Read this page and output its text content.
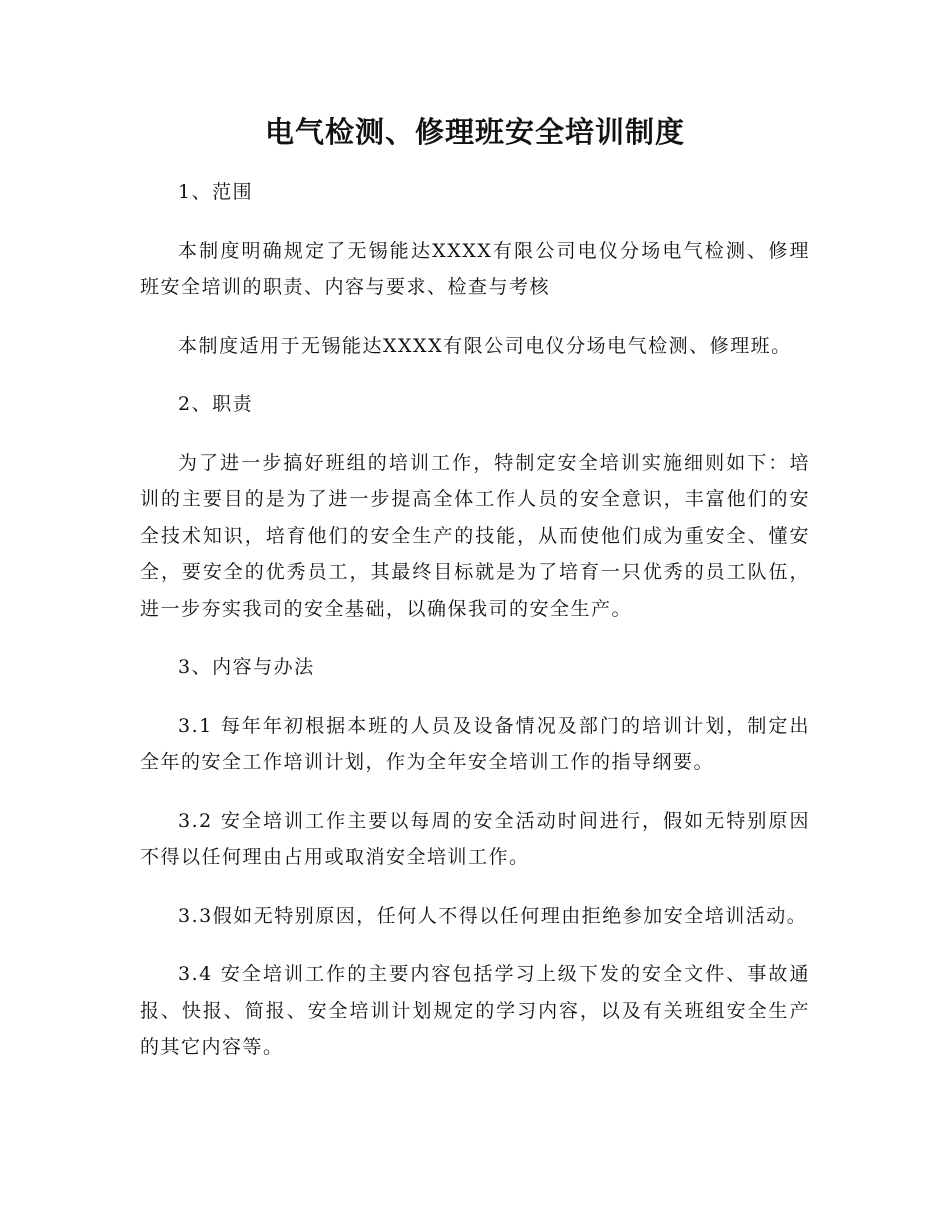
电气检测、修理班安全培训制度

1、范围

本制度明确规定了无锡能达XXXX有限公司电仪分场电气检测、修理班安全培训的职责、内容与要求、检查与考核

本制度适用于无锡能达XXXX有限公司电仪分场电气检测、修理班。

2、职责

为了进一步搞好班组的培训工作，特制定安全培训实施细则如下：培训的主要目的是为了进一步提高全体工作人员的安全意识，丰富他们的安全技术知识，培育他们的安全生产的技能，从而使他们成为重安全、懂安全，要安全的优秀员工，其最终目标就是为了培育一只优秀的员工队伍，进一步夯实我司的安全基础，以确保我司的安全生产。

3、内容与办法

3.1 每年年初根据本班的人员及设备情况及部门的培训计划，制定出全年的安全工作培训计划，作为全年安全培训工作的指导纲要。

3.2 安全培训工作主要以每周的安全活动时间进行，假如无特别原因不得以任何理由占用或取消安全培训工作。

3.3假如无特别原因，任何人不得以任何理由拒绝参加安全培训活动。

3.4 安全培训工作的主要内容包括学习上级下发的安全文件、事故通报、快报、简报、安全培训计划规定的学习内容，以及有关班组安全生产的其它内容等。
